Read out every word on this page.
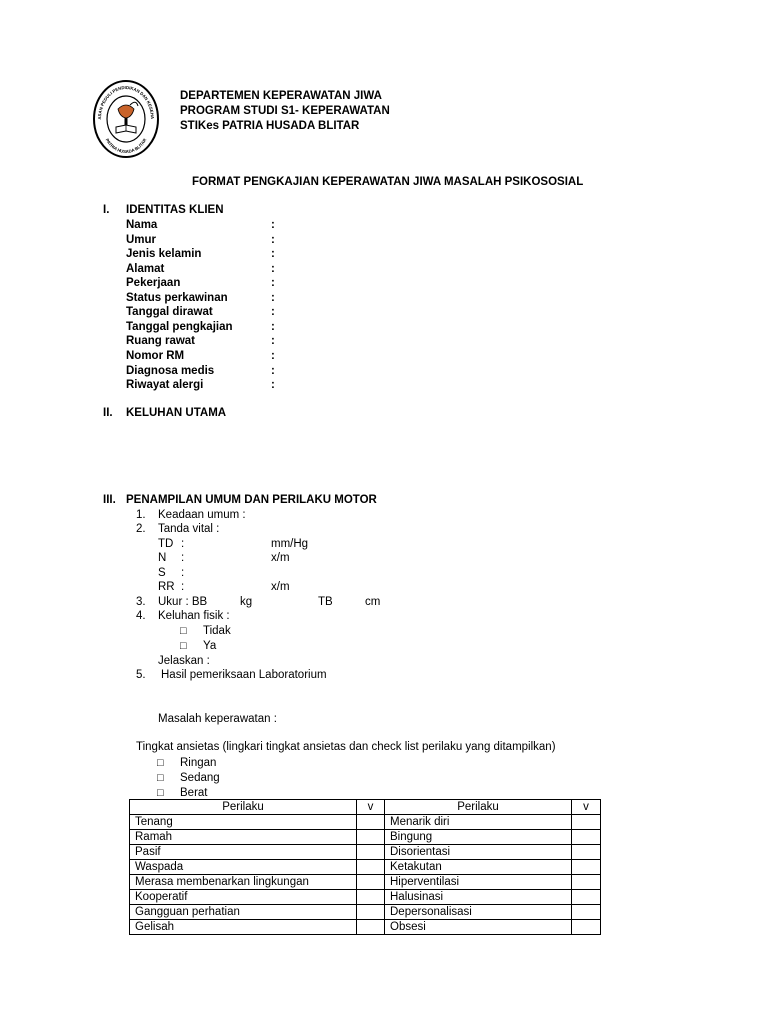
ASAN PEDULI PENDIDIKAN DAN KESEHA
PATRIA HUSADA BLITAR
DEPARTEMEN KEPERAWATAN JIWA
PROGRAM STUDI S1- KEPERAWATAN
STIKes PATRIA HUSADA BLITAR
FORMAT PENGKAJIAN KEPERAWATAN JIWA MASALAH PSIKOSOSIAL
I. IDENTITAS KLIEN
Nama	:
Umur	:
Jenis kelamin	:
Alamat	:
Pekerjaan	:
Status perkawinan	:
Tanggal dirawat	:
Tanggal pengkajian	:
Ruang rawat	:
Nomor RM	:
Diagnosa medis	:
Riwayat alergi	:
II. KELUHAN UTAMA
III. PENAMPILAN UMUM DAN PERILAKU MOTOR
1. Keadaan umum :
2. Tanda vital :
TD :	mm/Hg
N :	x/m
S :
RR :	x/m
3. Ukur : BB	kg	TB	cm
4. Keluhan fisik :
□ Tidak
□ Ya
Jelaskan :
5. Hasil pemeriksaan Laboratorium
Masalah keperawatan :
Tingkat ansietas (lingkari tingkat ansietas dan check list perilaku yang ditampilkan)
□ Ringan
□ Sedang
□ Berat
Perilaku	v	Perilaku	v
Tenang		Menarik diri	
Ramah		Bingung	
Pasif		Disorientasi	
Waspada		Ketakutan	
Merasa membenarkan lingkungan		Hiperventilasi	
Kooperatif		Halusinasi	
Gangguan perhatian		Depersonalisasi	
Gelisah		Obsesi	
